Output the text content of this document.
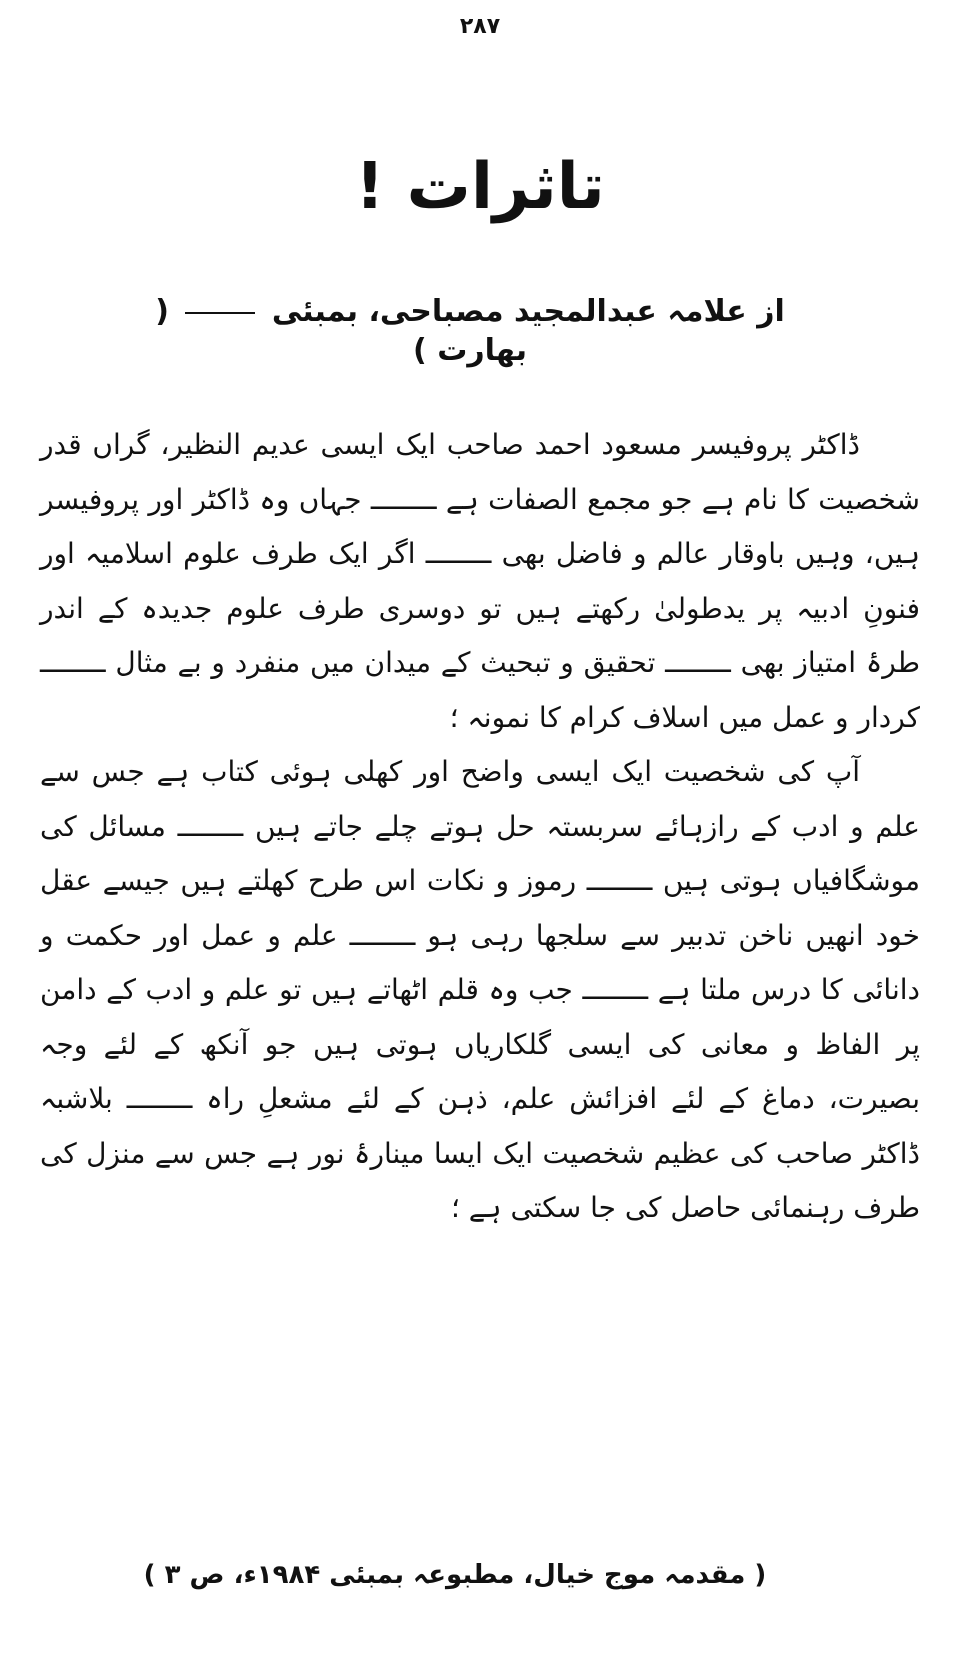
۲۸۷
تاثرات !
از علامہ عبدالمجید مصباحی، بمبئی  ( بھارت )

ڈاکٹر پروفیسر مسعود احمد صاحب ایک ایسی عدیم النظیر، گراں قدر شخصیت کا نام ہے جو مجمع الصفات ہے ــــــــ جہاں وہ ڈاکٹر اور پروفیسر ہیں، وہیں باوقار عالم و فاضل بھی ــــــــ اگر ایک طرف علوم اسلامیہ اور فنونِ ادبیہ پر یدطولیٰ رکھتے ہیں تو دوسری طرف علوم جدیدہ کے اندر طرۂ امتیاز بھی ــــــــ تحقیق و تبحیث کے میدان میں منفرد و بے مثال ــــــــ کردار و عمل میں اسلاف کرام کا نمونہ ؛

آپ کی شخصیت ایک ایسی واضح اور کھلی ہوئی کتاب ہے جس سے علم و ادب کے رازہائے سربستہ حل ہوتے چلے جاتے ہیں ــــــــ مسائل کی موشگافیاں ہوتی ہیں ــــــــ رموز و نکات اس طرح کھلتے ہیں جیسے عقل خود انھیں ناخن تدبیر سے سلجھا رہی ہو ــــــــ علم و عمل اور حکمت و دانائی کا درس ملتا ہے ــــــــ جب وہ قلم اٹھاتے ہیں تو علم و ادب کے دامن پر الفاظ و معانی کی ایسی گلکاریاں ہوتی ہیں جو آنکھ کے لئے وجہ بصیرت، دماغ کے لئے افزائش علم، ذہن کے لئے مشعلِ راہ ــــــــ بلاشبہ ڈاکٹر صاحب کی عظیم شخصیت ایک ایسا مینارۂ نور ہے جس سے منزل کی طرف رہنمائی حاصل کی جا سکتی ہے ؛

( مقدمہ موج خیال، مطبوعہ بمبئی ۱۹۸۴ء، ص ۳ )
